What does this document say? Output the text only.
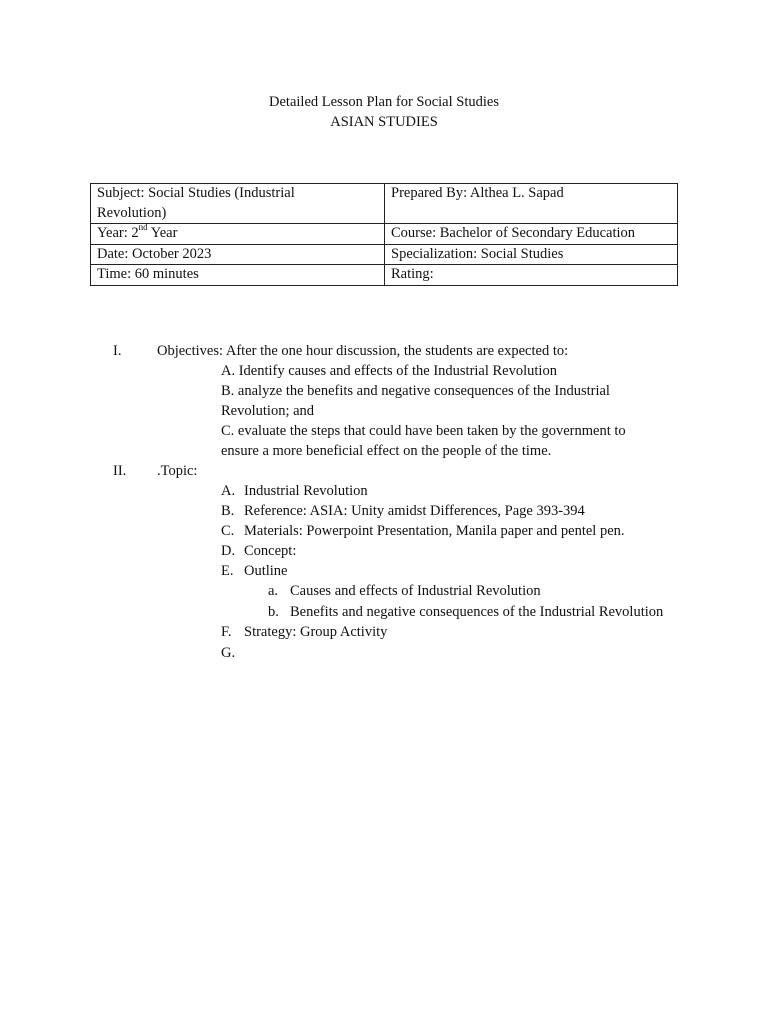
Detailed Lesson Plan for Social Studies
ASIAN STUDIES
Subject: Social Studies (Industrial
Revolution)	Prepared By: Althea L. Sapad
Year: 2nd Year	Course: Bachelor of Secondary Education
Date: October 2023	Specialization: Social Studies
Time: 60 minutes	Rating:
I. Objectives: After the one hour discussion, the students are expected to:
A. Identify causes and effects of the Industrial Revolution
B. analyze the benefits and negative consequences of the Industrial
Revolution; and
C. evaluate the steps that could have been taken by the government to
ensure a more beneficial effect on the people of the time.
II. .Topic:
A. Industrial Revolution
B. Reference: ASIA: Unity amidst Differences, Page 393-394
C. Materials: Powerpoint Presentation, Manila paper and pentel pen.
D. Concept:
E. Outline
a. Causes and effects of Industrial Revolution
b. Benefits and negative consequences of the Industrial Revolution
F. Strategy: Group Activity
G.
